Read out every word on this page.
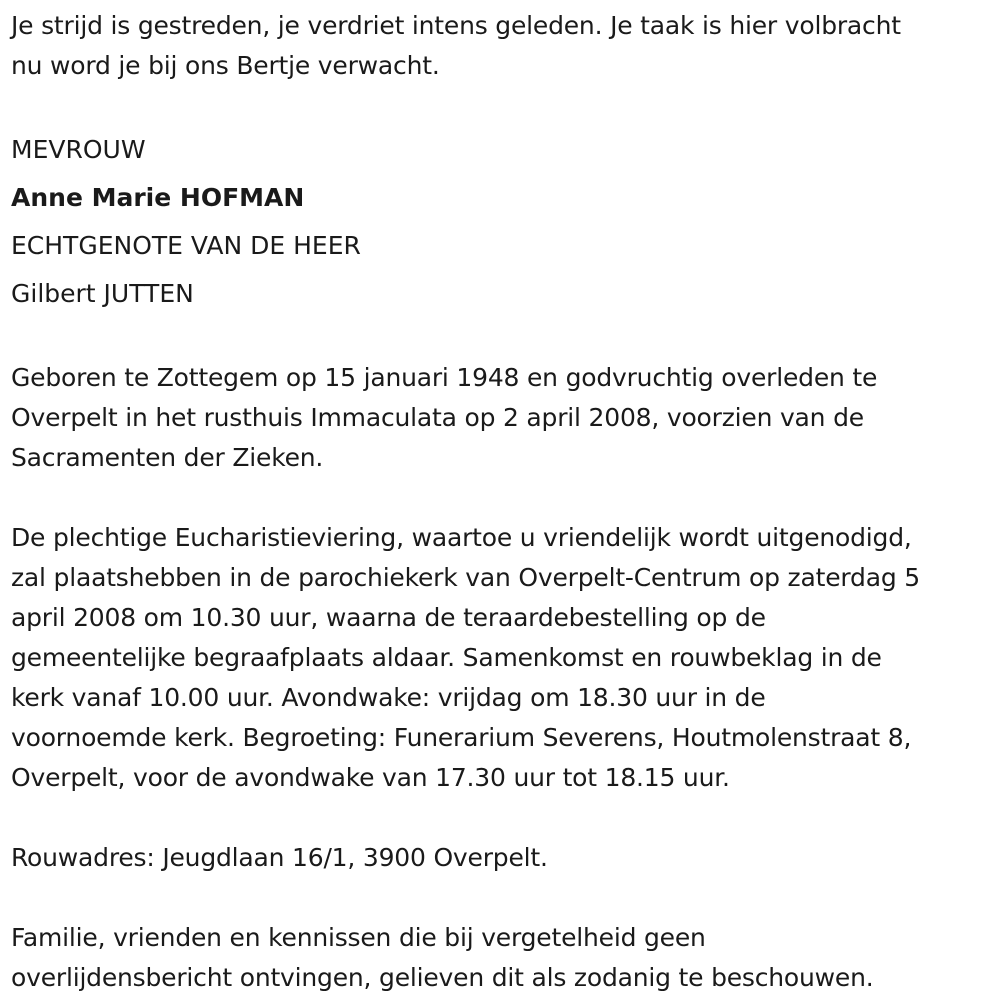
Je strijd is gestreden, je verdriet intens geleden. Je taak is hier volbracht
nu word je bij ons Bertje verwacht.

MEVROUW
Anne Marie HOFMAN
ECHTGENOTE VAN DE HEER
Gilbert JUTTEN

Geboren te Zottegem op 15 januari 1948 en godvruchtig overleden te
Overpelt in het rusthuis Immaculata op 2 april 2008, voorzien van de
Sacramenten der Zieken.

De plechtige Eucharistieviering, waartoe u vriendelijk wordt uitgenodigd,
zal plaatshebben in de parochiekerk van Overpelt-Centrum op zaterdag 5
april 2008 om 10.30 uur, waarna de teraardebestelling op de
gemeentelijke begraafplaats aldaar. Samenkomst en rouwbeklag in de
kerk vanaf 10.00 uur. Avondwake: vrijdag om 18.30 uur in de
voornoemde kerk. Begroeting: Funerarium Severens, Houtmolenstraat 8,
Overpelt, voor de avondwake van 17.30 uur tot 18.15 uur.

Rouwadres: Jeugdlaan 16/1, 3900 Overpelt.

Familie, vrienden en kennissen die bij vergetelheid geen
overlijdensbericht ontvingen, gelieven dit als zodanig te beschouwen.
